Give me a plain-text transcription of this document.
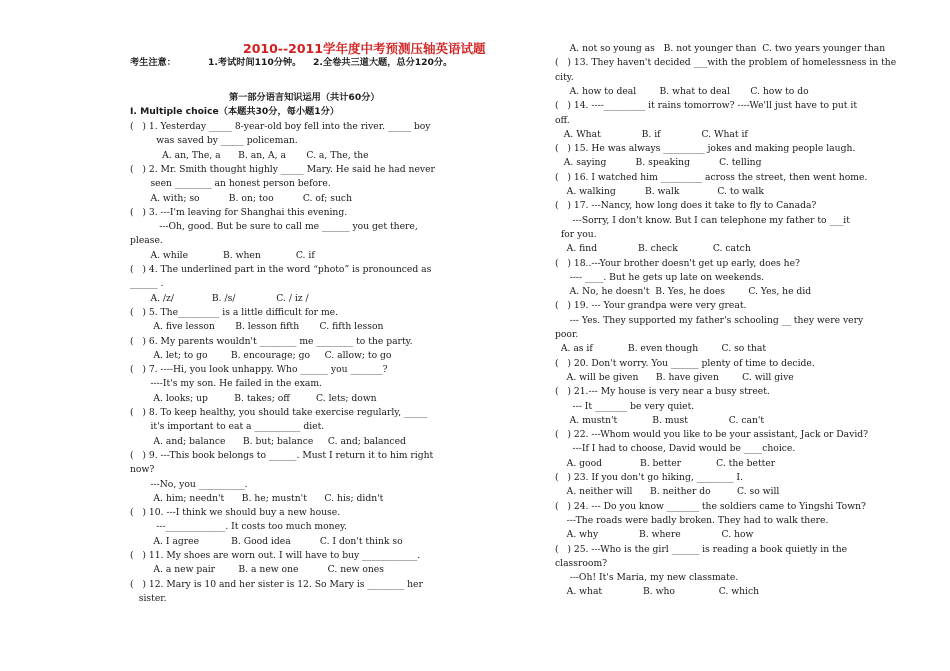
2010--2011学年度中考预测压轴英语试题
考生注意：	1.考试时间110分钟。 2.全卷共三道大题，总分120分。
第一部分语言知识运用（共计60分）
I. Multiple choice（本题共30分，每小题1分）
(   ) 1. Yesterday _____ 8-year-old boy fell into the river. _____ boy
was saved by _____ policeman.
A. an, The, a      B. an, A, a       C. a, The, the
(   ) 2. Mr. Smith thought highly _____ Mary. He said he had never
seen ________ an honest person before.
A. with; so          B. on; too          C. of; such
(   ) 3. ---I'm leaving for Shanghai this evening.
---Oh, good. But be sure to call me ______ you get there,
please.
A. while            B. when            C. if
(   ) 4. The underlined part in the word “photo” is pronounced as
______ .
A. /z/             B. /s/              C. / iz /
(   ) 5. The_________ is a little difficult for me.
A. five lesson       B. lesson fifth       C. fifth lesson
(   ) 6. My parents wouldn't ________ me ________ to the party.
A. let; to go        B. encourage; go     C. allow; to go
(   ) 7. ----Hi, you look unhappy. Who ______ you _______?
----It's my son. He failed in the exam.
A. looks; up         B. takes; off         C. lets; down
(   ) 8. To keep healthy, you should take exercise regularly, _____
it's important to eat a __________ diet.
A. and; balance      B. but; balance     C. and; balanced
(   ) 9. ---This book belongs to ______. Must I return it to him right
now?
---No, you __________.
A. him; needn't      B. he; mustn't      C. his; didn't
(   ) 10. ---I think we should buy a new house.
---_____________. It costs too much money.
A. I agree           B. Good idea          C. I don't think so
(   ) 11. My shoes are worn out. I will have to buy ____________.
A. a new pair        B. a new one          C. new ones
(   ) 12. Mary is 10 and her sister is 12. So Mary is ________ her
sister.
A. not so young as   B. not younger than  C. two years younger than
(   ) 13. They haven't decided ___with the problem of homelessness in the
city.
A. how to deal        B. what to deal       C. how to do
(   ) 14. ----_________ it rains tomorrow? ----We'll just have to put it
off.
A. What              B. if              C. What if
(   ) 15. He was always _________ jokes and making people laugh.
A. saying          B. speaking          C. telling
(   ) 16. I watched him _________ across the street, then went home.
A. walking          B. walk             C. to walk
(   ) 17. ---Nancy, how long does it take to fly to Canada?
---Sorry, I don't know. But I can telephone my father to ___it
for you.
A. find              B. check            C. catch
(   ) 18..---Your brother doesn't get up early, does he?
---- ____. But he gets up late on weekends.
A. No, he doesn't  B. Yes, he does        C. Yes, he did
(   ) 19. --- Your grandpa were very great.
--- Yes. They supported my father's schooling __ they were very
poor.
A. as if            B. even though        C. so that
(   ) 20. Don't worry. You ______ plenty of time to decide.
A. will be given      B. have given        C. will give
(   ) 21.--- My house is very near a busy street.
--- It _______ be very quiet.
A. mustn't            B. must              C. can't
(   ) 22. ---Whom would you like to be your assistant, Jack or David?
---If I had to choose, David would be ____choice.
A. good             B. better            C. the better
(   ) 23. If you don't go hiking, ________ I.
A. neither will      B. neither do         C. so will
(   ) 24. --- Do you know _______ the soldiers came to Yingshi Town?
---The roads were badly broken. They had to walk there.
A. why              B. where              C. how
(   ) 25. ---Who is the girl ______ is reading a book quietly in the
classroom?
---Oh! It's Maria, my new classmate.
A. what              B. who               C. which
